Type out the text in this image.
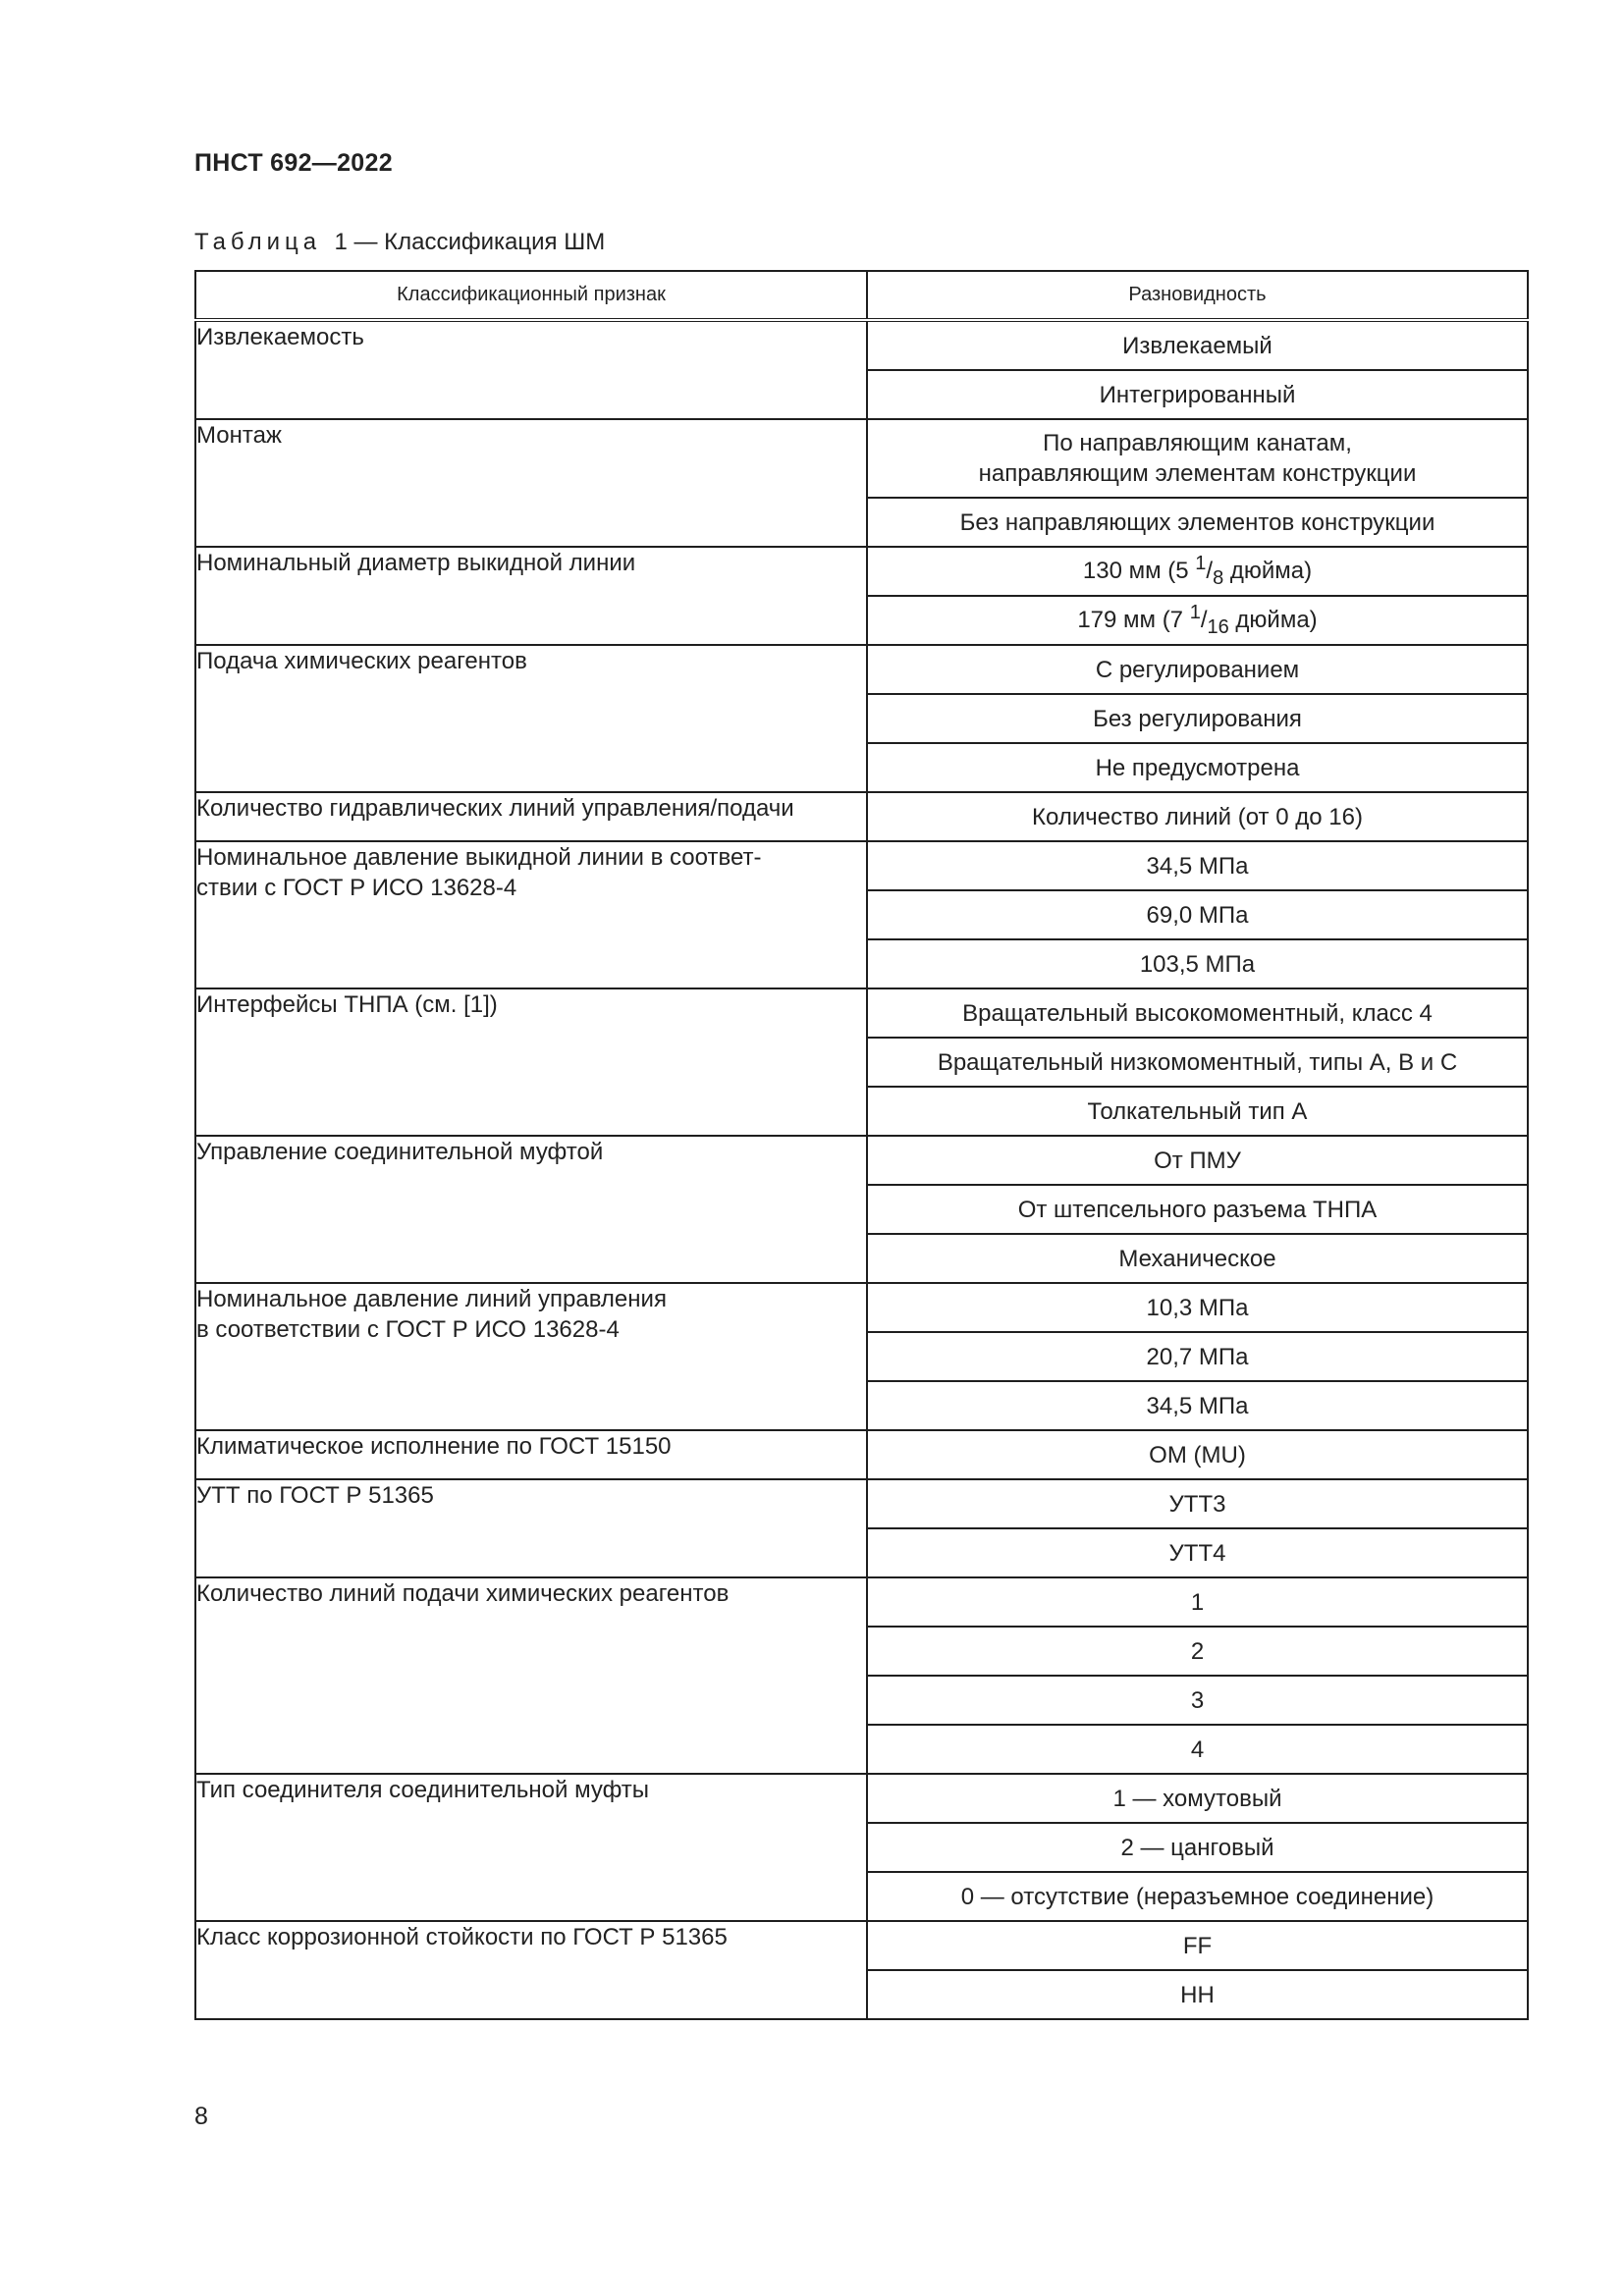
ПНСТ 692—2022
Таблица 1 — Классификация ШМ
Классификационный признак	Разновидность
Извлекаемость	Извлекаемый

	Интегрированный

Монтаж	По направляющим канатам,
направляющим элементам конструкции

	Без направляющих элементов конструкции

Номинальный диаметр выкидной линии	130 мм (5 $^1/_8$ дюйма)
	179 мм (7 $^1/_{16}$ дюйма)
Подача химических реагентов	С регулированием

	Без регулирования

	Не предусмотрена

Количество гидравлических линий управления/подачи	Количество линий (от 0 до 16)

Номинальное давление выкидной линии в соответ-
ствии с ГОСТ Р ИСО 13628-4	34,5 МПа

	69,0 МПа

	103,5 МПа

Интерфейсы ТНПА (см. [1])	Вращательный высокомоментный, класс 4

	Вращательный низкомоментный, типы А, В и С

	Толкательный тип А

Управление соединительной муфтой	От ПМУ

	От штепсельного разъема ТНПА

	Механическое

Номинальное давление линий управления
в соответствии с ГОСТ Р ИСО 13628-4	10,3 МПа

	20,7 МПа

	34,5 МПа

Климатическое исполнение по ГОСТ 15150	ОМ (MU)

УТТ по ГОСТ Р 51365	УТТ3

	УТТ4

Количество линий подачи химических реагентов	1

	2

	3

	4

Тип соединителя соединительной муфты	1 — хомутовый

	2 — цанговый

	0 — отсутствие (неразъемное соединение)

Класс коррозионной стойкости по ГОСТ Р 51365	FF

	HH
8
